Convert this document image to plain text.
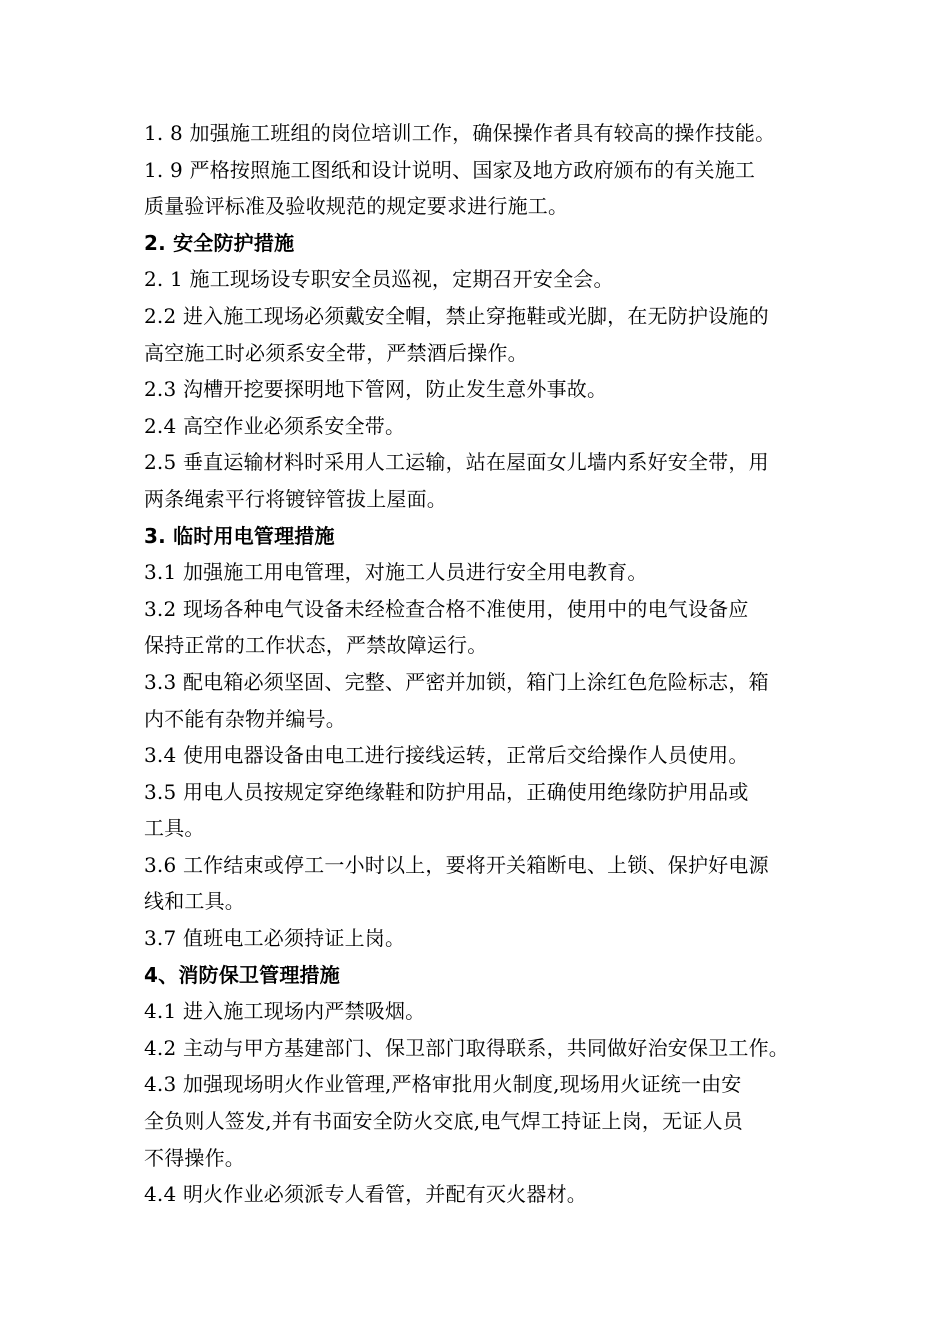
1. 8 加强施工班组的岗位培训工作，确保操作者具有较高的操作技能。
1. 9 严格按照施工图纸和设计说明、国家及地方政府颁布的有关施工
质量验评标准及验收规范的规定要求进行施工。
2. 安全防护措施
2. 1 施工现场设专职安全员巡视，定期召开安全会。
2.2 进入施工现场必须戴安全帽，禁止穿拖鞋或光脚，在无防护设施的
高空施工时必须系安全带，严禁酒后操作。
2.3 沟槽开挖要探明地下管网，防止发生意外事故。
2.4 高空作业必须系安全带。
2.5 垂直运输材料时采用人工运输，站在屋面女儿墙内系好安全带，用
两条绳索平行将镀锌管拔上屋面。
3. 临时用电管理措施
3.1 加强施工用电管理，对施工人员进行安全用电教育。
3.2 现场各种电气设备未经检查合格不准使用，使用中的电气设备应
保持正常的工作状态，严禁故障运行。
3.3 配电箱必须坚固、完整、严密并加锁，箱门上涂红色危险标志，箱
内不能有杂物并编号。
3.4 使用电器设备由电工进行接线运转，正常后交给操作人员使用。
3.5 用电人员按规定穿绝缘鞋和防护用品，正确使用绝缘防护用品或
工具。
3.6 工作结束或停工一小时以上，要将开关箱断电、上锁、保护好电源
线和工具。
3.7 值班电工必须持证上岗。
4、消防保卫管理措施
4.1 进入施工现场内严禁吸烟。
4.2 主动与甲方基建部门、保卫部门取得联系，共同做好治安保卫工作。
4.3 加强现场明火作业管理,严格审批用火制度,现场用火证统一由安
全负则人签发,并有书面安全防火交底,电气焊工持证上岗，无证人员
不得操作。
4.4 明火作业必须派专人看管，并配有灭火器材。
